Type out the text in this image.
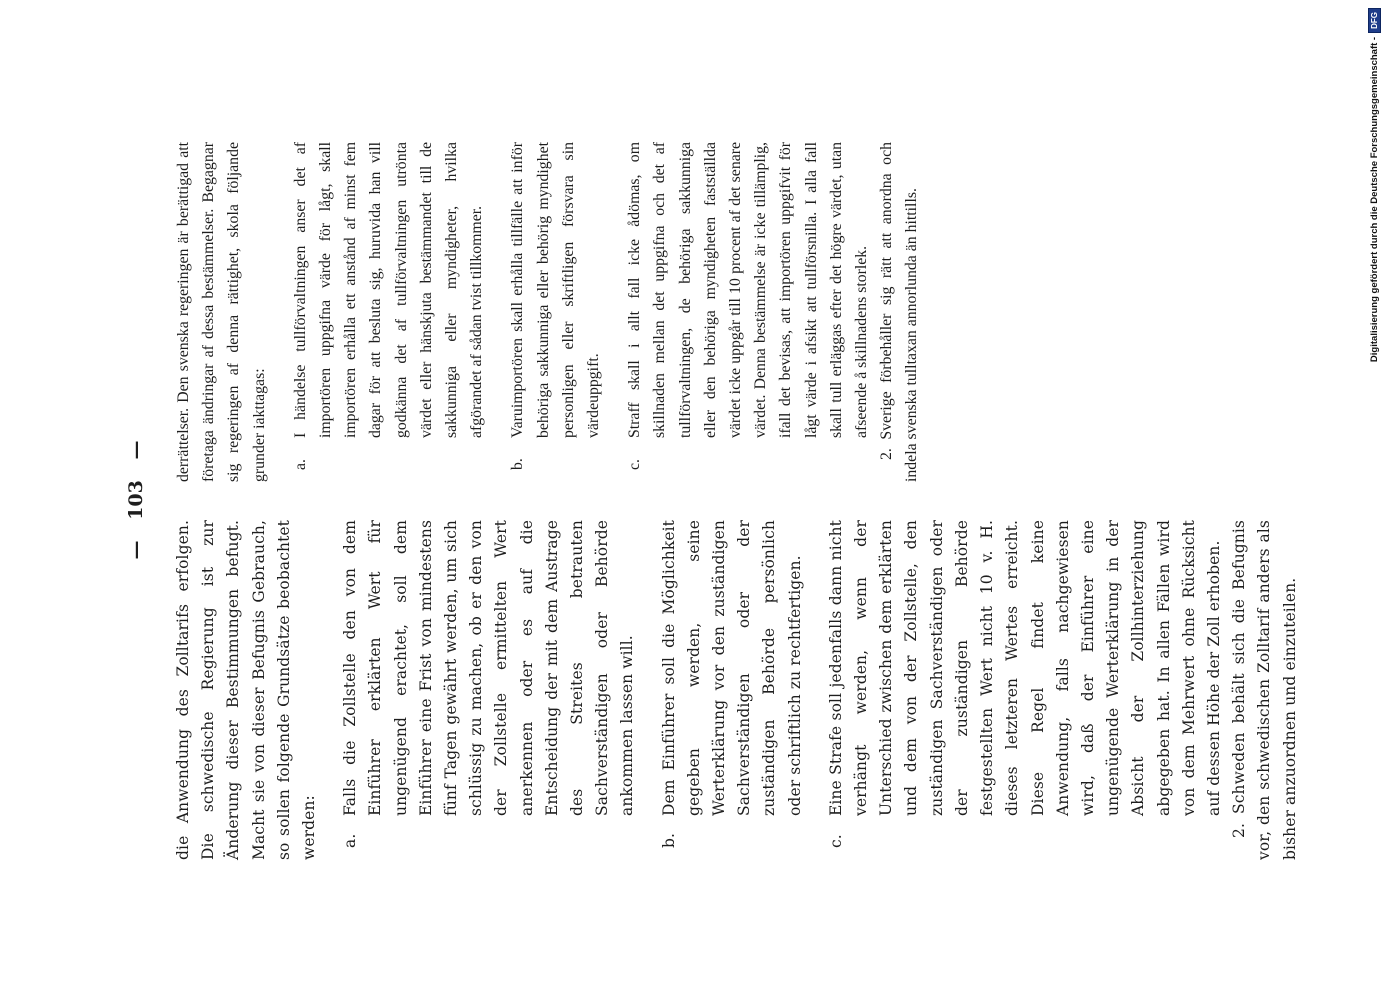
— 103 —

die Anwendung des Zolltarifs erfolgen. Die schwedische Regierung ist zur Änderung dieser Bestimmungen befugt. Macht sie von dieser Befugnis Gebrauch, so sollen folgende Grundsätze beobachtet werden: a.
Falls die Zollstelle den von dem Einführer erklärten Wert für ungenügend erachtet, soll dem Einführer eine Frist von mindestens fünf Tagen gewährt werden, um sich schlüssig zu machen, ob er den von der Zollstelle ermittelten Wert anerkennen oder es auf die Entscheidung der mit dem Austrage des Streites betrauten Sachverständigen oder Behörde ankommen lassen will.
b.
Dem Einführer soll die Möglichkeit gegeben werden, seine Werterklärung vor den zuständigen Sachverständigen oder der zuständigen Behörde persönlich oder schriftlich zu rechtfertigen.
c.
Eine Strafe soll jedenfalls dann nicht verhängt werden, wenn der Unterschied zwischen dem erklärten und dem von der Zollstelle, den zuständigen Sachverständigen oder der zuständigen Behörde festgestellten Wert nicht 10 v. H. dieses letzteren Wertes erreicht. Diese Regel findet keine Anwendung, falls nachgewiesen wird, daß der Einführer eine ungenügende Werterklärung in der Absicht der Zollhinterziehung abgegeben hat. In allen Fällen wird von dem Mehrwert ohne Rücksicht auf dessen Höhe der Zoll erhoben. 2. Schweden behält sich die Befugnis vor, den schwedischen Zolltarif anders als bisher anzuordnen und einzuteilen.

derrättelser. Den svenska regeringen är berättigad att företaga ändringar af dessa bestämmelser. Begagnar sig regeringen af denna rättighet, skola följande grunder iakttagas: a.
I händelse tullförvaltningen anser det af importören uppgifna värde för lågt, skall importören erhålla ett anstånd af minst fem dagar för att besluta sig, huruvida han vill godkänna det af tullförvaltningen utrönta värdet eller hänskjuta bestämmandet till de sakkunniga eller myndigheter, hvilka afgörandet af sådan tvist tillkommer.
b.
Varuimportören skall erhålla tillfälle att inför behöriga sakkunniga eller behörig myndighet personligen eller skriftligen försvara sin värdeuppgift.
c.
Straff skall i allt fall icke ådömas, om skillnaden mellan det uppgifna och det af tullförvaltningen, de behöriga sakkunniga eller den behöriga myndigheten fastställda värdet icke uppgår till 10 procent af det senare värdet. Denna bestämmelse är icke tillämplig, ifall det bevisas, att importören uppgifvit för lågt värde i afsikt att tullförsnilla. I alla fall skall tull erläggas efter det högre värdet, utan afseende å skillnadens storlek. 2. Sverige förbehåller sig rätt att anordna och indela svenska tulltaxan annorlunda än hittills.	Digitalisierung gefördert durch die Deutsche Forschungsgemeinschaft -
DFG
